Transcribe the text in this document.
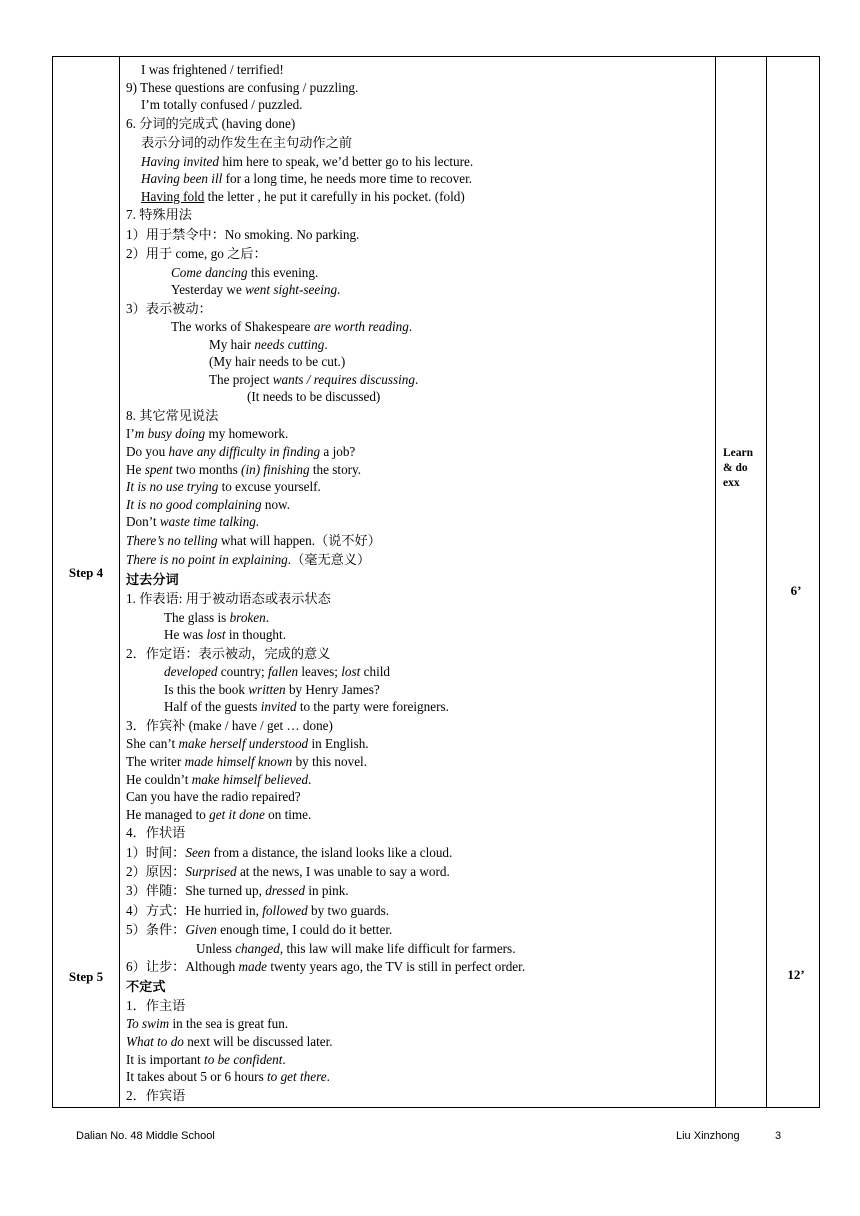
Step 4
Step 5
I was frightened / terrified!
9) These questions are confusing / puzzling.
I’m totally confused / puzzled.
6. 分词的完成式 (having done)
表示分词的动作发生在主句动作之前
Having invited him here to speak, we’d better go to his lecture.
Having been ill for a long time, he needs more time to recover.
Having fold the letter , he put it carefully in his pocket. (fold)
7. 特殊用法
1）用于禁令中：No smoking. No parking.
2）用于 come, go 之后：
Come dancing this evening.
Yesterday we went sight-seeing.
3）表示被动：
The works of Shakespeare are worth reading.
My hair needs cutting.
(My hair needs to be cut.)
The project wants / requires discussing.
(It needs to be discussed)
8. 其它常见说法
I’m busy doing my homework.
Do you have any difficulty in finding a job?
He spent two months (in) finishing the story.
It is no use trying to excuse yourself.
It is no good complaining now.
Don’t waste time talking.
There’s no telling what will happen.（说不好）
There is no point in explaining.（毫无意义）
过去分词
1. 作表语: 用于被动语态或表示状态
The glass is broken.
He was lost in thought.
2．作定语：表示被动，完成的意义
developed country; fallen leaves; lost child
Is this the book written by Henry James?
Half of the guests invited to the party were foreigners.
3．作宾补 (make / have / get … done)
She can’t make herself understood in English.
The writer made himself known by this novel.
He couldn’t make himself believed.
Can you have the radio repaired?
He managed to get it done on time.
4．作状语
1）时间：Seen from a distance, the island looks like a cloud.
2）原因：Surprised at the news, I was unable to say a word.
3）伴随：She turned up, dressed in pink.
4）方式：He hurried in, followed by two guards.
5）条件：Given enough time, I could do it better.
Unless changed, this law will make life difficult for farmers.
6）让步：Although made twenty years ago, the TV is still in perfect order.
不定式
1．作主语
To swim in the sea is great fun.
What to do next will be discussed later.
It is important to be confident.
It takes about 5 or 6 hours to get there.
2．作宾语
Learn
& do
exx
6’
12’
Dalian No. 48 Middle School	Liu Xinzhong	3
